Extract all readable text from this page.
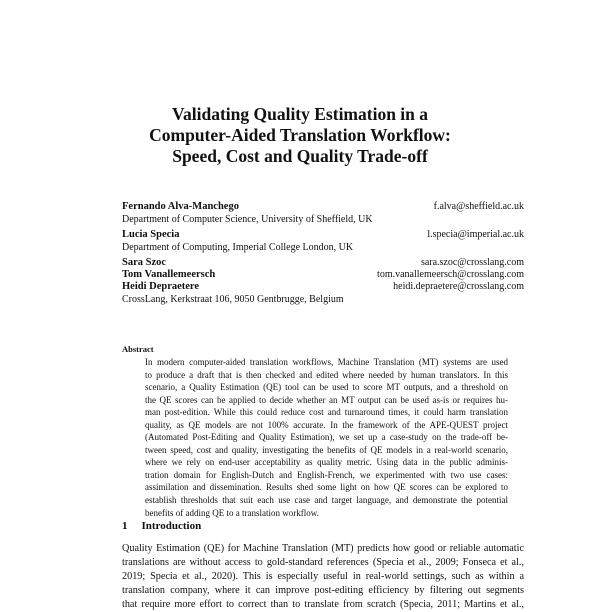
Validating Quality Estimation in a
Computer-Aided Translation Workflow:
Speed, Cost and Quality Trade-off
Fernando Alva-Manchego	f.alva@sheffield.ac.uk
Department of Computer Science, University of Sheffield, UK
Lucia Specia	l.specia@imperial.ac.uk
Department of Computing, Imperial College London, UK
Sara Szoc	sara.szoc@crosslang.com
Tom Vanallemeersch	tom.vanallemeersch@crosslang.com
Heidi Depraetere	heidi.depraetere@crosslang.com
CrossLang, Kerkstraat 106, 9050 Gentbrugge, Belgium
Abstract
In modern computer-aided translation workflows, Machine Translation (MT) systems are used
to produce a draft that is then checked and edited where needed by human translators. In this
scenario, a Quality Estimation (QE) tool can be used to score MT outputs, and a threshold on
the QE scores can be applied to decide whether an MT output can be used as-is or requires hu-
man post-edition. While this could reduce cost and turnaround times, it could harm translation
quality, as QE models are not 100% accurate. In the framework of the APE-QUEST project
(Automated Post-Editing and Quality Estimation), we set up a case-study on the trade-off be-
tween speed, cost and quality, investigating the benefits of QE models in a real-world scenario,
where we rely on end-user acceptability as quality metric. Using data in the public adminis-
tration domain for English-Dutch and English-French, we experimented with two use cases:
assimilation and dissemination. Results shed some light on how QE scores can be explored to
establish thresholds that suit each use case and target language, and demonstrate the potential
benefits of adding QE to a translation workflow.
1 Introduction
Quality Estimation (QE) for Machine Translation (MT) predicts how good or reliable automatic
translations are without access to gold-standard references (Specia et al., 2009; Fonseca et al.,
2019; Specia et al., 2020). This is especially useful in real-world settings, such as within a
translation company, where it can improve post-editing efficiency by filtering out segments
that require more effort to correct than to translate from scratch (Specia, 2011; Martins et al.,
